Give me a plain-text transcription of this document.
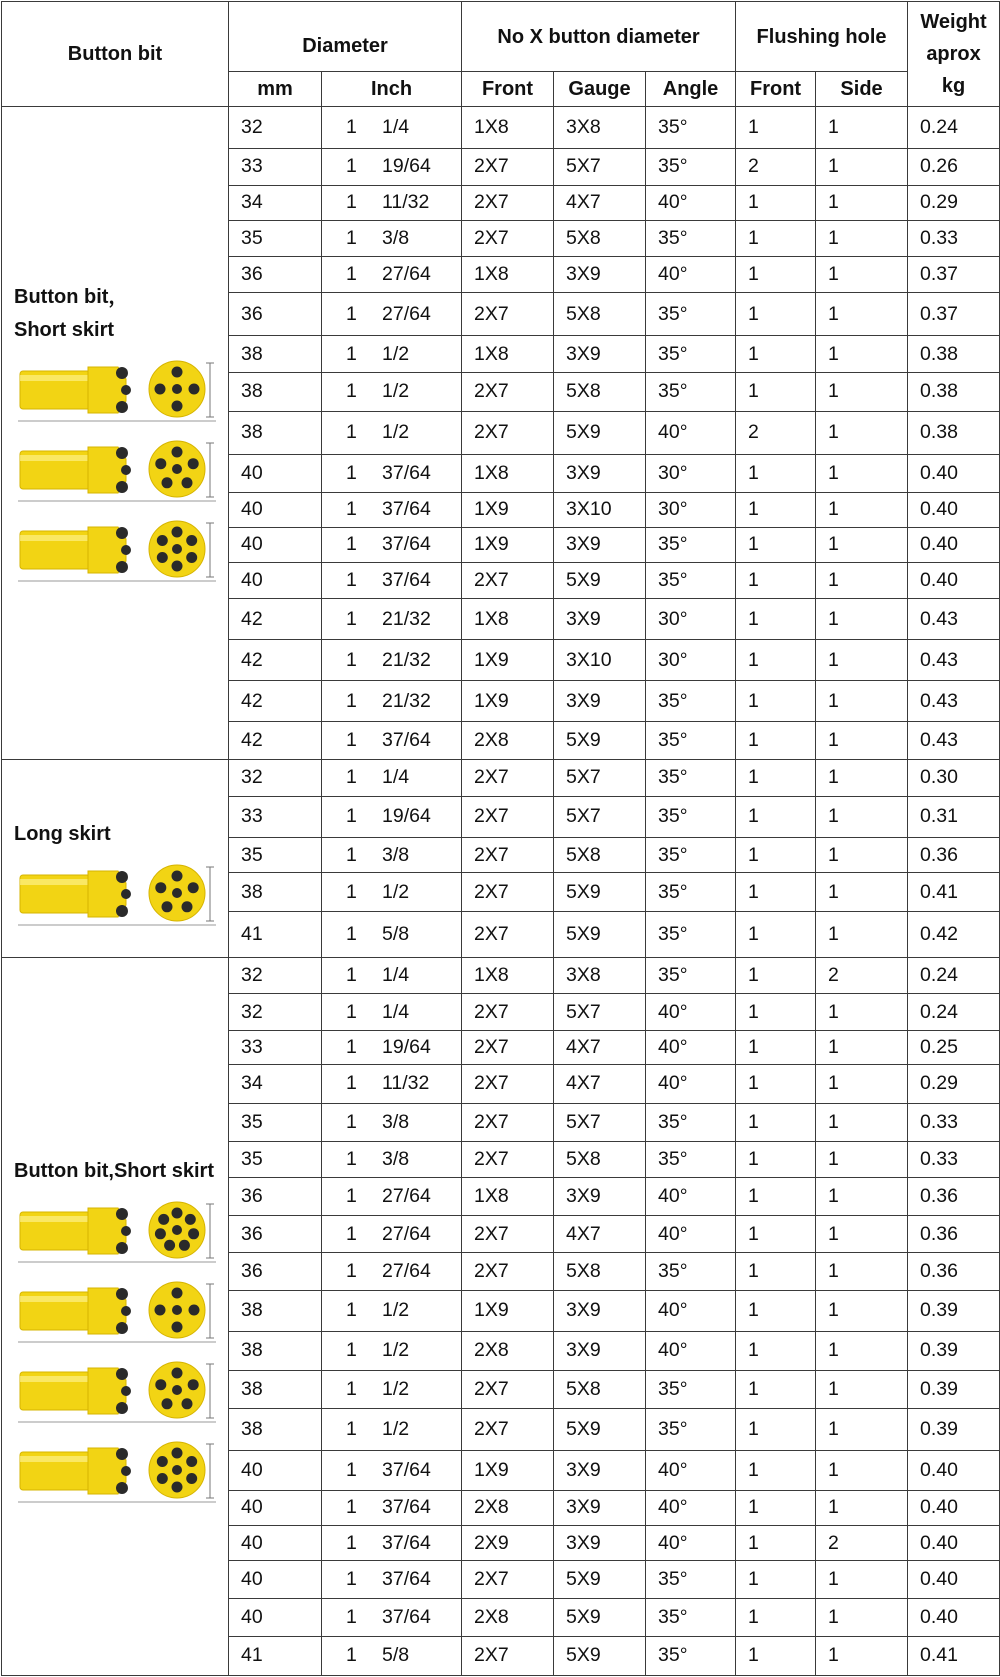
Button bit	Diameter		No X button diameter			Flushing hole		Weight
aprox
kg
	mm	Inch	Front	Gauge	Angle	Front	Side	

Button bit，
Short skirt	32	1 1/4	1X8	3X8	35°	1	1	0.24
	33	1 19/64	2X7	5X7	35°	2	1	0.26
	34	1 11/32	2X7	4X7	40°	1	1	0.29
	35	1 3/8	2X7	5X8	35°	1	1	0.33
	36	1 27/64	1X8	3X9	40°	1	1	0.37
	36	1 27/64	2X7	5X8	35°	1	1	0.37
	38	1 1/2	1X8	3X9	35°	1	1	0.38
	38	1 1/2	2X7	5X8	35°	1	1	0.38
	38	1 1/2	2X7	5X9	40°	2	1	0.38
	40	1 37/64	1X8	3X9	30°	1	1	0.40
	40	1 37/64	1X9	3X10	30°	1	1	0.40
	40	1 37/64	1X9	3X9	35°	1	1	0.40
	40	1 37/64	2X7	5X9	35°	1	1	0.40
	42	1 21/32	1X8	3X9	30°	1	1	0.43
	42	1 21/32	1X9	3X10	30°	1	1	0.43
	42	1 21/32	1X9	3X9	35°	1	1	0.43
	42	1 37/64	2X8	5X9	35°	1	1	0.43

Long skirt	32	1 1/4	2X7	5X7	35°	1	1	0.30
	33	1 19/64	2X7	5X7	35°	1	1	0.31
	35	1 3/8	2X7	5X8	35°	1	1	0.36
	38	1 1/2	2X7	5X9	35°	1	1	0.41
	41	1 5/8	2X7	5X9	35°	1	1	0.42

Button bit,Short skirt	32	1 1/4	1X8	3X8	35°	1	2	0.24
	32	1 1/4	2X7	5X7	40°	1	1	0.24
	33	1 19/64	2X7	4X7	40°	1	1	0.25
	34	1 11/32	2X7	4X7	40°	1	1	0.29
	35	1 3/8	2X7	5X7	35°	1	1	0.33
	35	1 3/8	2X7	5X8	35°	1	1	0.33
	36	1 27/64	1X8	3X9	40°	1	1	0.36
	36	1 27/64	2X7	4X7	40°	1	1	0.36
	36	1 27/64	2X7	5X8	35°	1	1	0.36
	38	1 1/2	1X9	3X9	40°	1	1	0.39
	38	1 1/2	2X8	3X9	40°	1	1	0.39
	38	1 1/2	2X7	5X8	35°	1	1	0.39
	38	1 1/2	2X7	5X9	35°	1	1	0.39
	40	1 37/64	1X9	3X9	40°	1	1	0.40
	40	1 37/64	2X8	3X9	40°	1	1	0.40
	40	1 37/64	2X9	3X9	40°	1	2	0.40
	40	1 37/64	2X7	5X9	35°	1	1	0.40
	40	1 37/64	2X8	5X9	35°	1	1	0.40
	41	1 5/8	2X7	5X9	35°	1	1	0.41
